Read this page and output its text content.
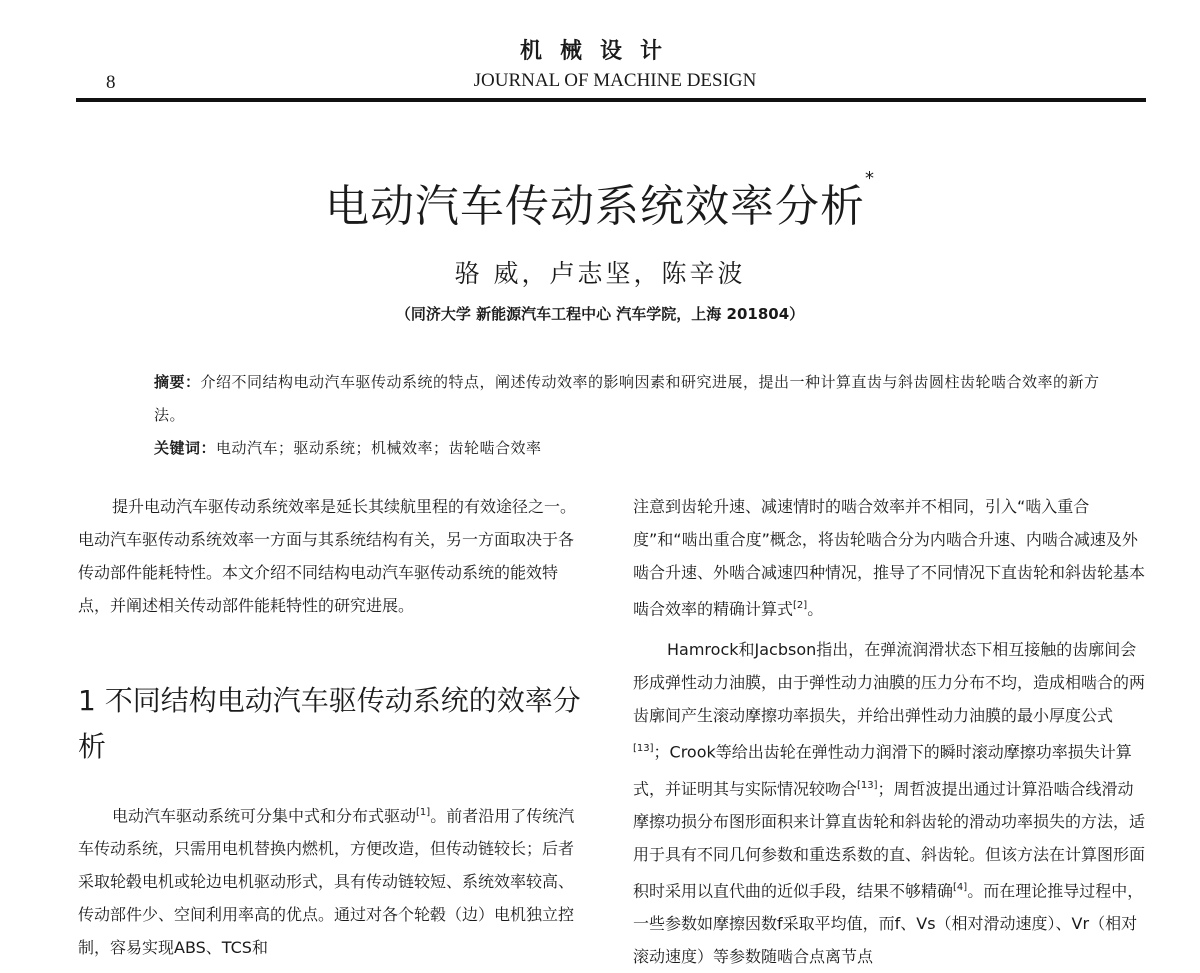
机械设计
8	JOURNAL OF MACHINE DESIGN
电动汽车传动系统效率分析*
骆 威，卢志坚，陈辛波
（同济大学 新能源汽车工程中心 汽车学院，上海 201804）
摘要：介绍不同结构电动汽车驱传动系统的特点，阐述传动效率的影响因素和研究进展，提出一种计算直齿与斜齿圆柱齿轮啮合效率的新方法。
关键词：电动汽车；驱动系统；机械效率；齿轮啮合效率

提升电动汽车驱传动系统效率是延长其续航里程的有效途径之一。电动汽车驱传动系统效率一方面与其系统结构有关，另一方面取决于各传动部件能耗特性。本文介绍不同结构电动汽车驱传动系统的能效特点，并阐述相关传动部件能耗特性的研究进展。

1 不同结构电动汽车驱传动系统的效率分析

电动汽车驱动系统可分集中式和分布式驱动[1]。前者沿用了传统汽车传动系统，只需用电机替换内燃机，方便改造，但传动链较长；后者采取轮毂电机或轮边电机驱动形式，具有传动链较短、系统效率较高、传动部件少、空间利用率高的优点。通过对各个轮毂（边）电机独立控制，容易实现ABS、TCS和

注意到齿轮升速、减速情时的啮合效率并不相同，引入“啮入重合度”和“啮出重合度”概念，将齿轮啮合分为内啮合升速、内啮合减速及外啮合升速、外啮合减速四种情况，推导了不同情况下直齿轮和斜齿轮基本啮合效率的精确计算式[2]。

Hamrock和Jacbson指出，在弹流润滑状态下相互接触的齿廓间会形成弹性动力油膜，由于弹性动力油膜的压力分布不均，造成相啮合的两齿廓间产生滚动摩擦功率损失，并给出弹性动力油膜的最小厚度公式[13]；Crook等给出齿轮在弹性动力润滑下的瞬时滚动摩擦功率损失计算式，并证明其与实际情况较吻合[13]；周哲波提出通过计算沿啮合线滑动摩擦功损分布图形面积来计算直齿轮和斜齿轮的滑动功率损失的方法，适用于具有不同几何参数和重迭系数的直、斜齿轮。但该方法在计算图形面积时采用以直代曲的近似手段，结果不够精确[4]。而在理论推导过程中，一些参数如摩擦因数f采取平均值，而f、Vs（相对滑动速度）、Vr（相对滚动速度）等参数随啮合点离节点
